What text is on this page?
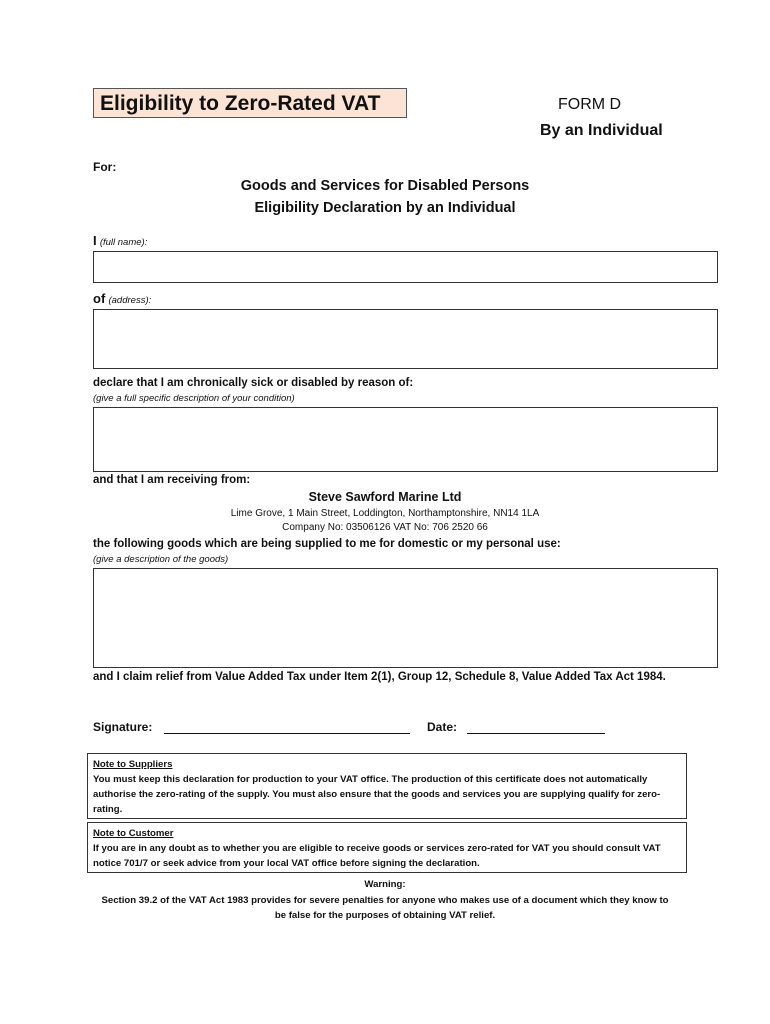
Eligibility to Zero-Rated VAT	FORM D
By an Individual
For:
Goods and Services for Disabled Persons
Eligibility Declaration by an Individual
I (full name):
of (address):
declare that I am chronically sick or disabled by reason of:
(give a full specific description of your condition)
and that I am receiving from:
Steve Sawford Marine Ltd
Lime Grove, 1 Main Street, Loddington, Northamptonshire, NN14 1LA
Company No: 03506126 VAT No: 706 2520 66
the following goods which are being supplied to me for domestic or my personal use:
(give a description of the goods)
and I claim relief from Value Added Tax under Item 2(1), Group 12, Schedule 8, Value Added Tax Act 1984.
Signature:	Date:
Note to Suppliers
You must keep this declaration for production to your VAT office. The production of this certificate does not automatically authorise the zero-rating of the supply. You must also ensure that the goods and services you are supplying qualify for zero-rating.
Note to Customer
If you are in any doubt as to whether you are eligible to receive goods or services zero-rated for VAT you should consult VAT notice 701/7 or seek advice from your local VAT office before signing the declaration.
Warning:
Section 39.2 of the VAT Act 1983 provides for severe penalties for anyone who makes use of a document which they know to be false for the purposes of obtaining VAT relief.
